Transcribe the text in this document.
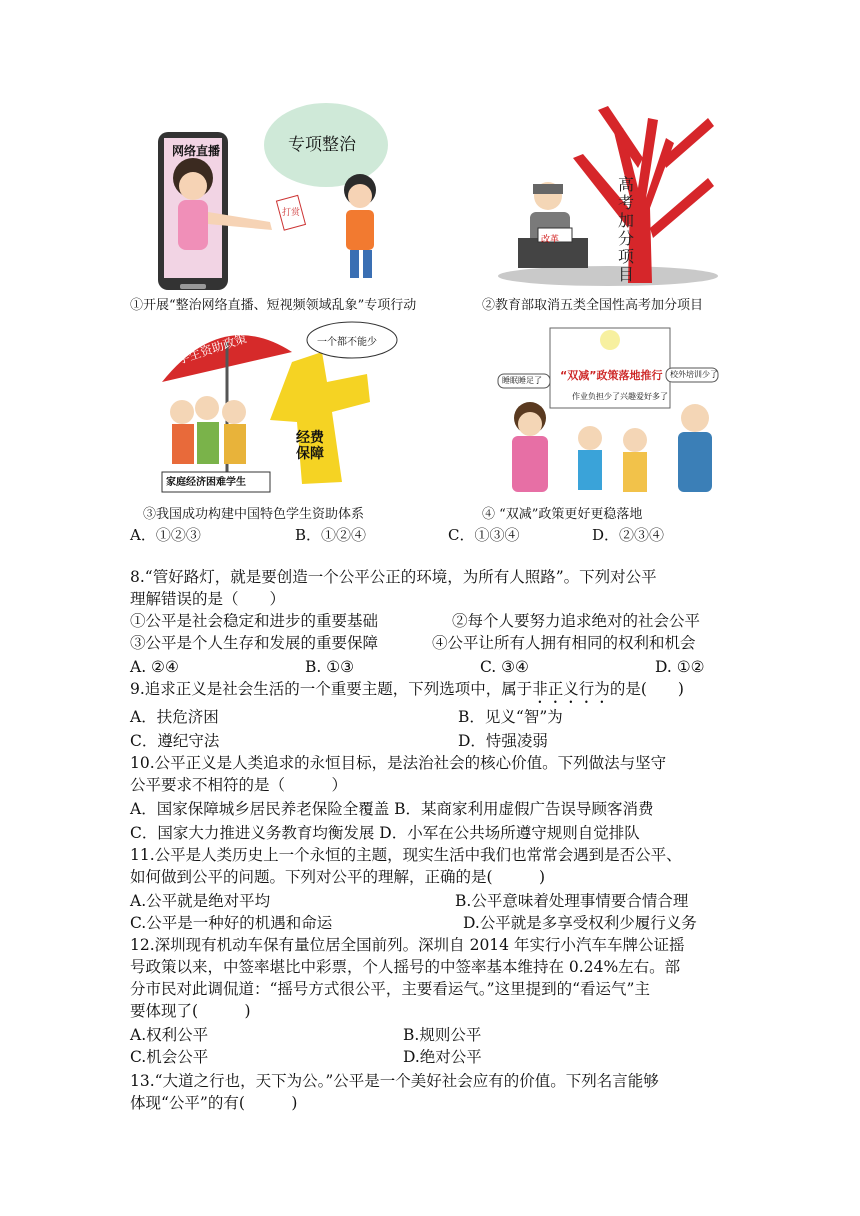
网络直播	专项整治
打赏
①开展“整治网络直播、短视频领域乱象”专项行动
高考加分项目
改革
②教育部取消五类全国性高考加分项目
学生资助政策	一个都不能少
经费保障
家庭经济困难学生
③我国成功构建中国特色学生资助体系
“双减”政策落地推行
睡眠睡足了
校外培训少了
作业负担少了 兴趣爱好多了
④ “双减”政策更好更稳落地
A．①②③	B．①②④	C．①③④	D．②③④
8.“管好路灯，就是要创造一个公平公正的环境，为所有人照路”。下列对公平
理解错误的是（　　）
①公平是社会稳定和进步的重要基础	②每个人要努力追求绝对的社会公平
③公平是个人生存和发展的重要保障	④公平让所有人拥有相同的权利和机会
A. ②④	B. ①③	C. ③④	D. ①②
9.追求正义是社会生活的一个重要主题，下列选项中，属于非正义行为的是(　　)
A．扶危济困	B．见义“智”为
C．遵纪守法	D．恃强凌弱
10.公平正义是人类追求的永恒目标，是法治社会的核心价值。下列做法与坚守
公平要求不相符的是（　　　）
A．国家保障城乡居民养老保险全覆盖 B．某商家利用虚假广告误导顾客消费
C．国家大力推进义务教育均衡发展 D．小军在公共场所遵守规则自觉排队
11.公平是人类历史上一个永恒的主题，现实生活中我们也常常会遇到是否公平、
如何做到公平的问题。下列对公平的理解，正确的是(　　　)
A.公平就是绝对平均	B.公平意味着处理事情要合情合理
C.公平是一种好的机遇和命运	D.公平就是多享受权利少履行义务
12.深圳现有机动车保有量位居全国前列。深圳自 2014 年实行小汽车车牌公证摇
号政策以来，中签率堪比中彩票，个人摇号的中签率基本维持在 0.24%左右。部
分市民对此调侃道：“摇号方式很公平，主要看运气。”这里提到的“看运气”主
要体现了(　　　)
A.权利公平	B.规则公平
C.机会公平	D.绝对公平
13.“大道之行也，天下为公。”公平是一个美好社会应有的价值。下列名言能够
体现“公平”的有(　　　)
